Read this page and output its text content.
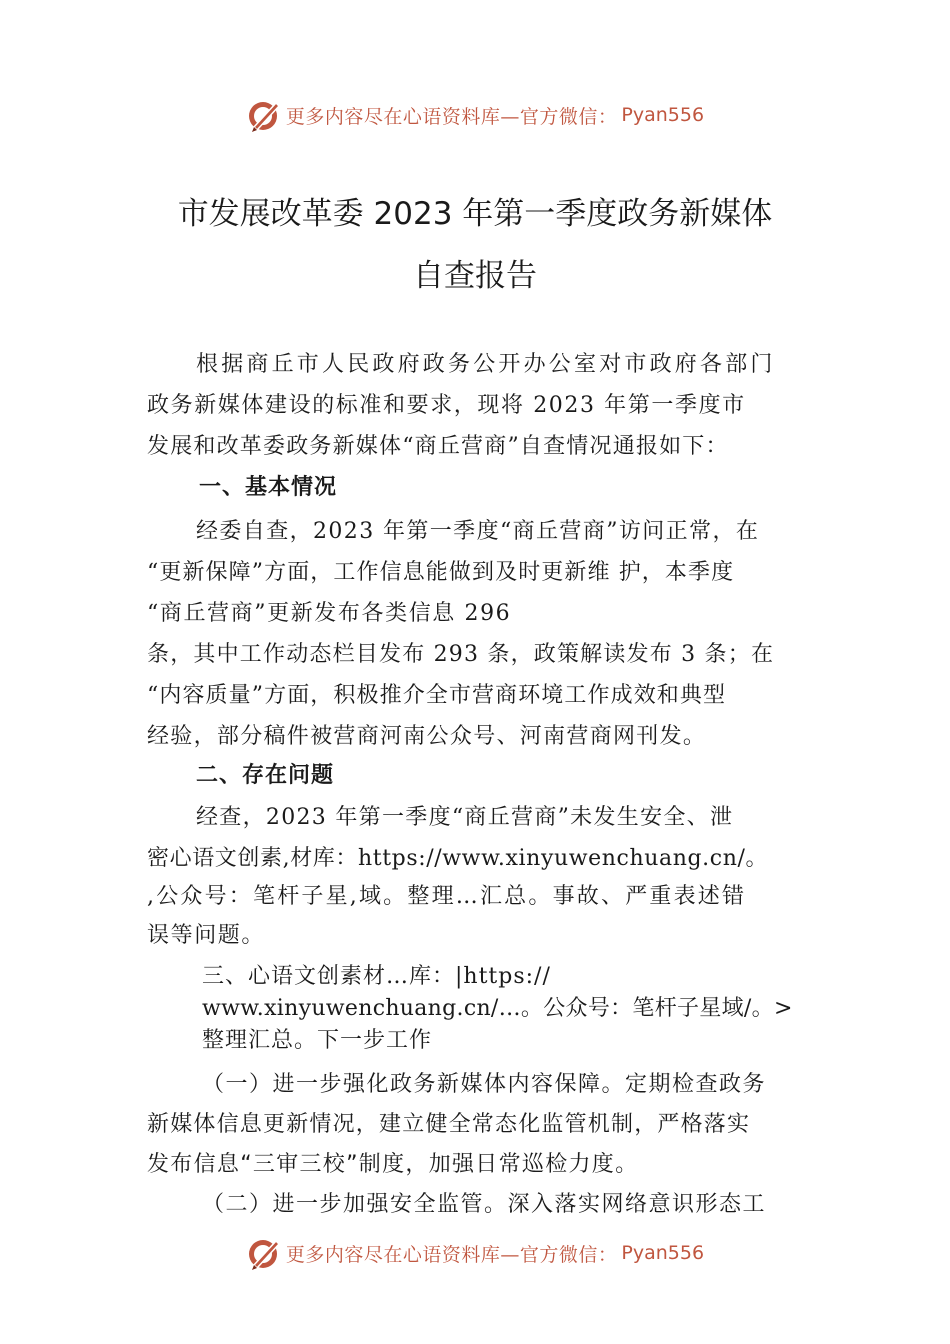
更多内容尽在心语资料库—官方微信： Pyan556
市发展改革委 2023 年第一季度政务新媒体
自查报告
根据商丘市人民政府政务公开办公室对市政府各部门
政务新媒体建设的标准和要求，现将 2023 年第一季度市
发展和改革委政务新媒体“商丘营商”自查情况通报如下：
一、基本情况
经委自查，2023 年第一季度“商丘营商”访问正常，在
“更新保障”方面，工作信息能做到及时更新维 护，本季度
“商丘营商”更新发布各类信息 296
条，其中工作动态栏目发布 293 条，政策解读发布 3 条；在
“内容质量”方面，积极推介全市营商环境工作成效和典型
经验，部分稿件被营商河南公众号、河南营商网刊发。
二、存在问题
经查，2023 年第一季度“商丘营商”未发生安全、泄
密心语文创素,材库：https://www.xinyuwenchuang.cn/。
,公众号：笔杆子星,域。整理…汇总。事故、严重表述错
误等问题。
三、心语文创素材…库：|https://
www.xinyuwenchuang.cn/…。公众号：笔杆子星域/。>
整理汇总。下一步工作
（一）进一步强化政务新媒体内容保障。定期检查政务
新媒体信息更新情况，建立健全常态化监管机制，严格落实
发布信息“三审三校”制度，加强日常巡检力度。
（二）进一步加强安全监管。深入落实网络意识形态工
更多内容尽在心语资料库—官方微信： Pyan556
